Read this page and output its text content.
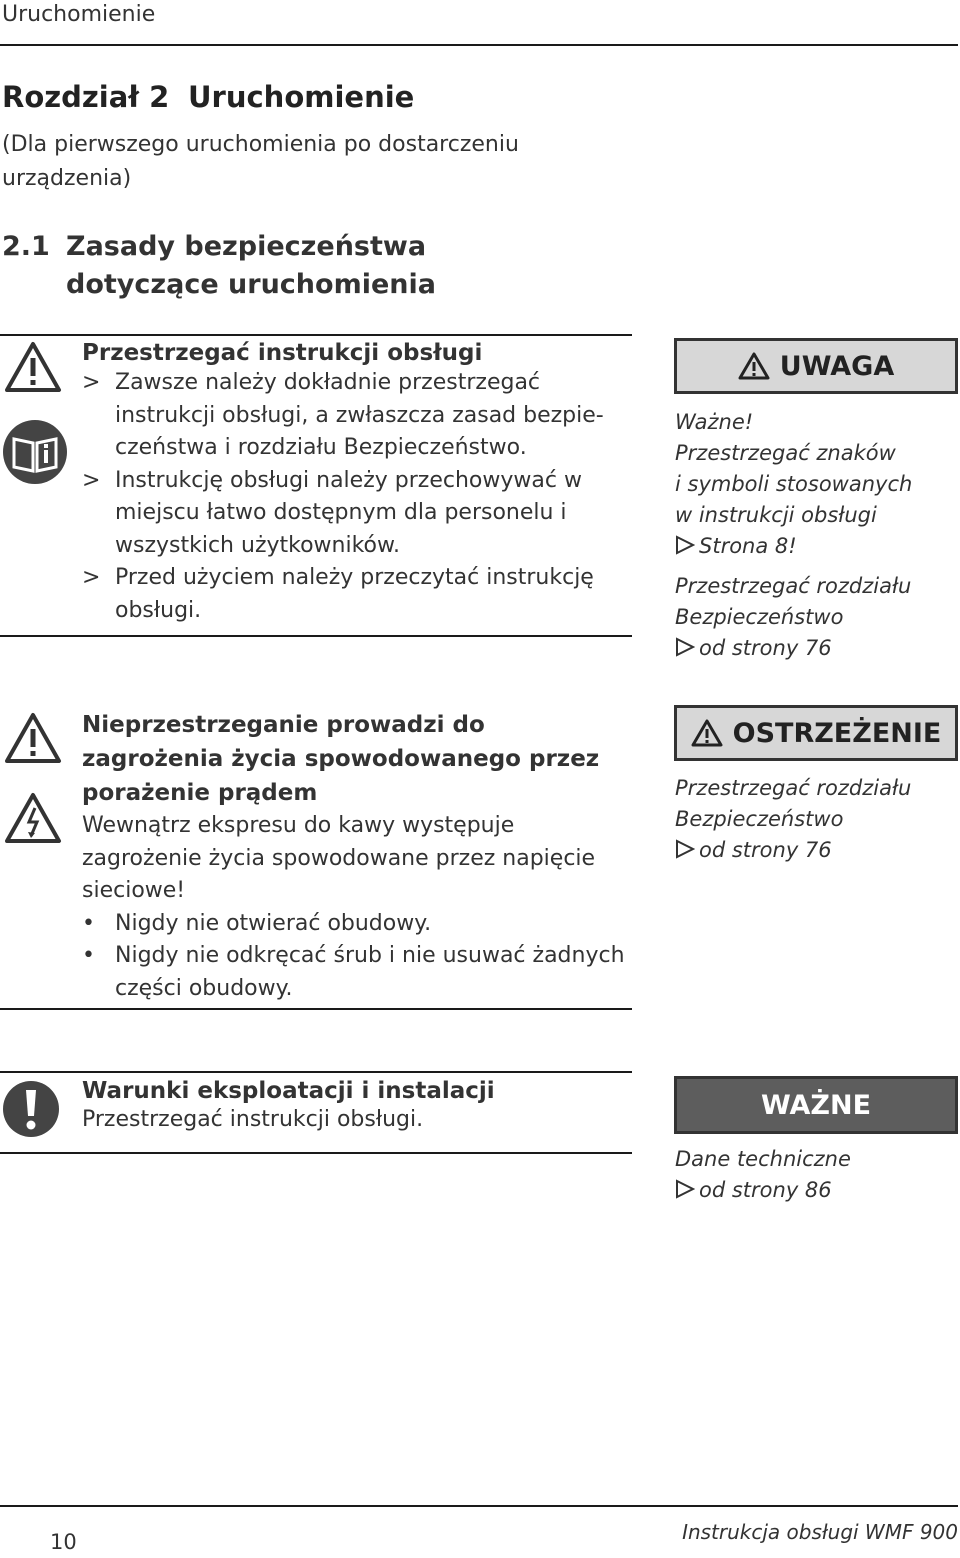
Uruchomienie
Rozdział 2 Uruchomienie
(Dla pierwszego uruchomienia po dostarczeniu urządzenia)
2.1 Zasady bezpieczeństwa dotyczące uruchomienia
Przestrzegać instrukcji obsługi
> Zawsze należy dokładnie przestrzegać instrukcji obsługi, a zwłaszcza zasad bezpie-czeństwa i rozdziału Bezpieczeństwo.
> Instrukcję obsługi należy przechowywać w miejscu łatwo dostępnym dla personelu i wszystkich użytkowników.
> Przed użyciem należy przeczytać instrukcję obsługi.
UWAGA
Ważne!
Przestrzegać znaków
i symboli stosowanych
w instrukcji obsługi
Strona 8!
Przestrzegać rozdziału
Bezpieczeństwo
od strony 76
Nieprzestrzeganie prowadzi do zagrożenia życia spowodowanego przez porażenie prądem
Wewnątrz ekspresu do kawy występuje zagrożenie życia spowodowane przez napięcie sieciowe!
• Nigdy nie otwierać obudowy.
• Nigdy nie odkręcać śrub i nie usuwać żadnych części obudowy.
OSTRZEŻENIE
Przestrzegać rozdziału
Bezpieczeństwo
od strony 76
Warunki eksploatacji i instalacji
Przestrzegać instrukcji obsługi.	WAŻNE
Dane techniczne
od strony 86
10	Instrukcja obsługi WMF 900
